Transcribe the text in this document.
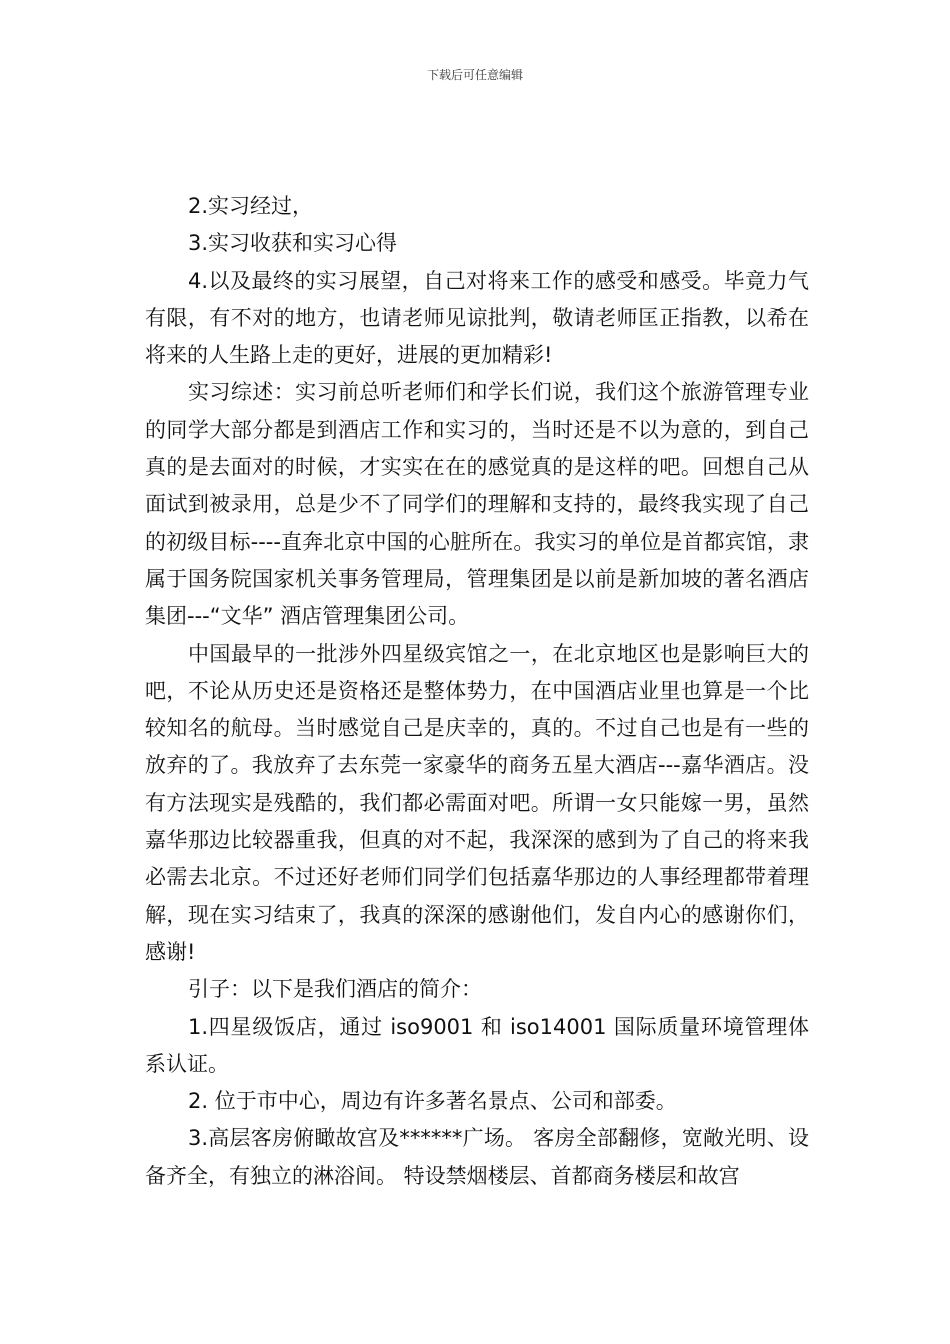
下载后可任意编辑

2.实习经过，

3.实习收获和实习心得

4.以及最终的实习展望，自己对将来工作的感受和感受。毕竟力气有限，有不对的地方，也请老师见谅批判，敬请老师匡正指教，以希在将来的人生路上走的更好，进展的更加精彩!

实习综述：实习前总听老师们和学长们说，我们这个旅游管理专业的同学大部分都是到酒店工作和实习的，当时还是不以为意的，到自己真的是去面对的时候，才实实在在的感觉真的是这样的吧。回想自己从面试到被录用，总是少不了同学们的理解和支持的，最终我实现了自己的初级目标----直奔北京中国的心脏所在。我实习的单位是首都宾馆，隶属于国务院国家机关事务管理局，管理集团是以前是新加坡的著名酒店集团---“文华” 酒店管理集团公司。

中国最早的一批涉外四星级宾馆之一，在北京地区也是影响巨大的吧，不论从历史还是资格还是整体势力，在中国酒店业里也算是一个比较知名的航母。当时感觉自己是庆幸的，真的。不过自己也是有一些的放弃的了。我放弃了去东莞一家豪华的商务五星大酒店---嘉华酒店。没有方法现实是残酷的，我们都必需面对吧。所谓一女只能嫁一男，虽然嘉华那边比较器重我，但真的对不起，我深深的感到为了自己的将来我必需去北京。不过还好老师们同学们包括嘉华那边的人事经理都带着理解，现在实习结束了，我真的深深的感谢他们，发自内心的感谢你们，感谢!

引子：以下是我们酒店的简介：

1.四星级饭店，通过 iso9001 和 iso14001 国际质量环境管理体系认证。

2. 位于市中心，周边有许多著名景点、公司和部委。

3.高层客房俯瞰故宫及******广场。 客房全部翻修，宽敞光明、设备齐全，有独立的淋浴间。 特设禁烟楼层、首都商务楼层和故宫
